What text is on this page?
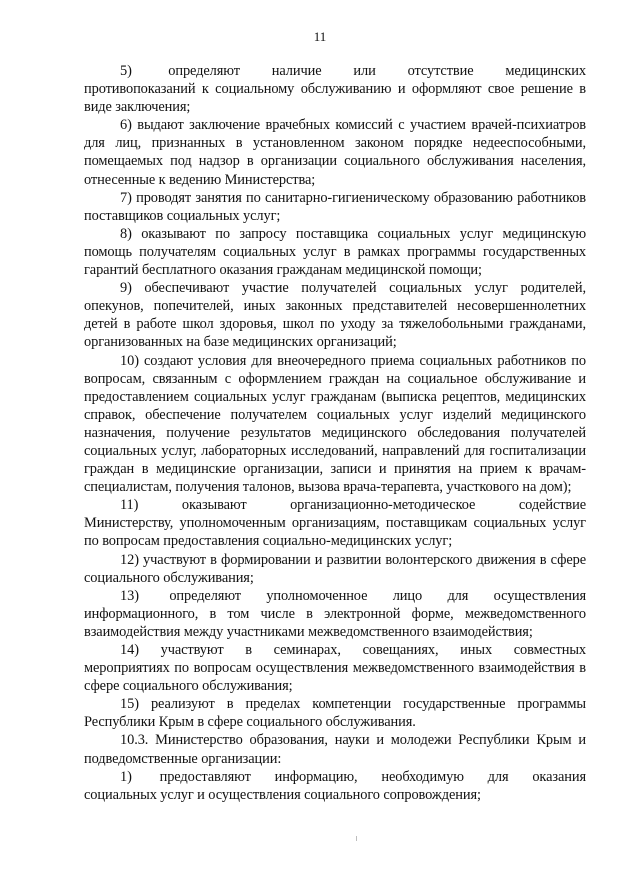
11

5)        определяют       наличие       или       отсутствие       медицинских противопоказаний к социальному обслуживанию и оформляют свое решение в виде заключения;

6) выдают заключение врачебных комиссий с участием врачей-психиатров для лиц, признанных в установленном законом порядке недееспособными, помещаемых под надзор в организации социального обслуживания населения, отнесенные к ведению Министерства;

7) проводят занятия по санитарно-гигиеническому образованию работников поставщиков социальных услуг;

8) оказывают по запросу поставщика социальных услуг медицинскую помощь получателям социальных услуг в рамках программы государственных гарантий бесплатного оказания гражданам медицинской помощи;

9) обеспечивают участие получателей социальных услуг родителей, опекунов, попечителей, иных законных представителей несовершеннолетних детей в работе школ здоровья, школ по уходу за тяжелобольными гражданами, организованных на базе медицинских организаций;

10) создают условия для внеочередного приема социальных работников по вопросам, связанным с оформлением граждан на социальное обслуживание и предоставлением социальных услуг гражданам (выписка рецептов, медицинских справок, обеспечение получателем социальных услуг изделий медицинского назначения, получение результатов медицинского обследования получателей социальных услуг, лабораторных исследований, направлений для госпитализации граждан в медицинские организации, записи и принятия на прием к врачам-специалистам, получения талонов, вызова врача-терапевта, участкового на дом);

11)        оказывают        организационно-методическое        содействие Министерству, уполномоченным организациям, поставщикам социальных услуг по вопросам предоставления социально-медицинских услуг;

12) участвуют в формировании и развитии волонтерского движения в сфере социального обслуживания;

13)      определяют     уполномоченное     лицо     для     осуществления информационного, в том числе в электронной форме, межведомственного взаимодействия между участниками межведомственного взаимодействия;

14)     участвуют     в     семинарах,     совещаниях,     иных     совместных мероприятиях по вопросам осуществления межведомственного взаимодействия в сфере социального обслуживания;

15) реализуют в пределах компетенции государственные программы Республики Крым в сфере социального обслуживания.

10.3. Министерство образования, науки и молодежи Республики Крым и подведомственные организации:

1)       предоставляют      информацию,      необходимую      для      оказания социальных услуг и осуществления социального сопровождения;
